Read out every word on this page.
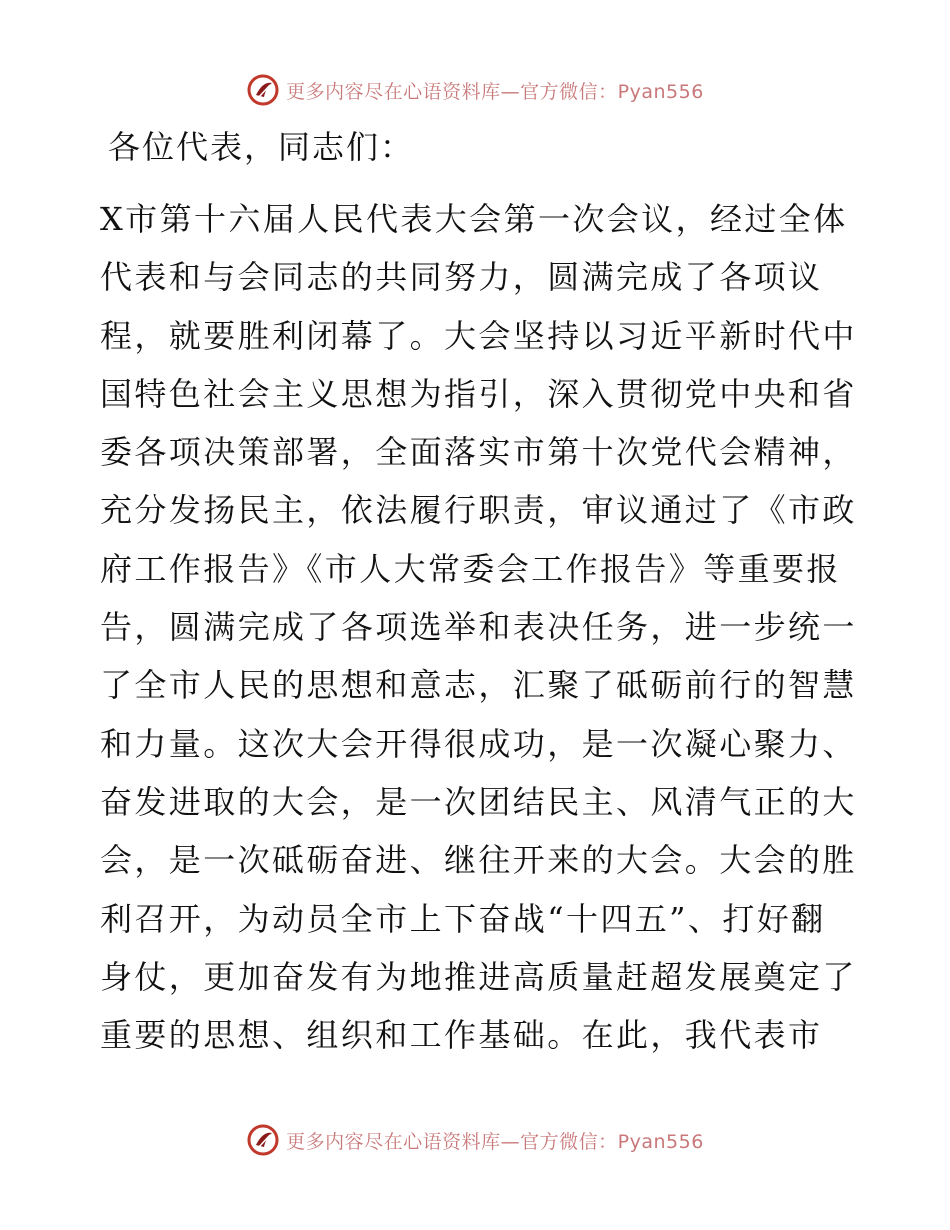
更多内容尽在心语资料库—官方微信：Pyan556
各位代表，同志们：
X市第十六届人民代表大会第一次会议，经过全体
代表和与会同志的共同努力，圆满完成了各项议
程，就要胜利闭幕了。大会坚持以习近平新时代中
国特色社会主义思想为指引，深入贯彻党中央和省
委各项决策部署，全面落实市第十次党代会精神，
充分发扬民主，依法履行职责，审议通过了《市政
府工作报告》《市人大常委会工作报告》等重要报
告，圆满完成了各项选举和表决任务，进一步统一
了全市人民的思想和意志，汇聚了砥砺前行的智慧
和力量。这次大会开得很成功，是一次凝心聚力、
奋发进取的大会，是一次团结民主、风清气正的大
会，是一次砥砺奋进、继往开来的大会。大会的胜
利召开，为动员全市上下奋战“十四五”、打好翻
身仗，更加奋发有为地推进高质量赶超发展奠定了
重要的思想、组织和工作基础。在此，我代表市
更多内容尽在心语资料库—官方微信：Pyan556
